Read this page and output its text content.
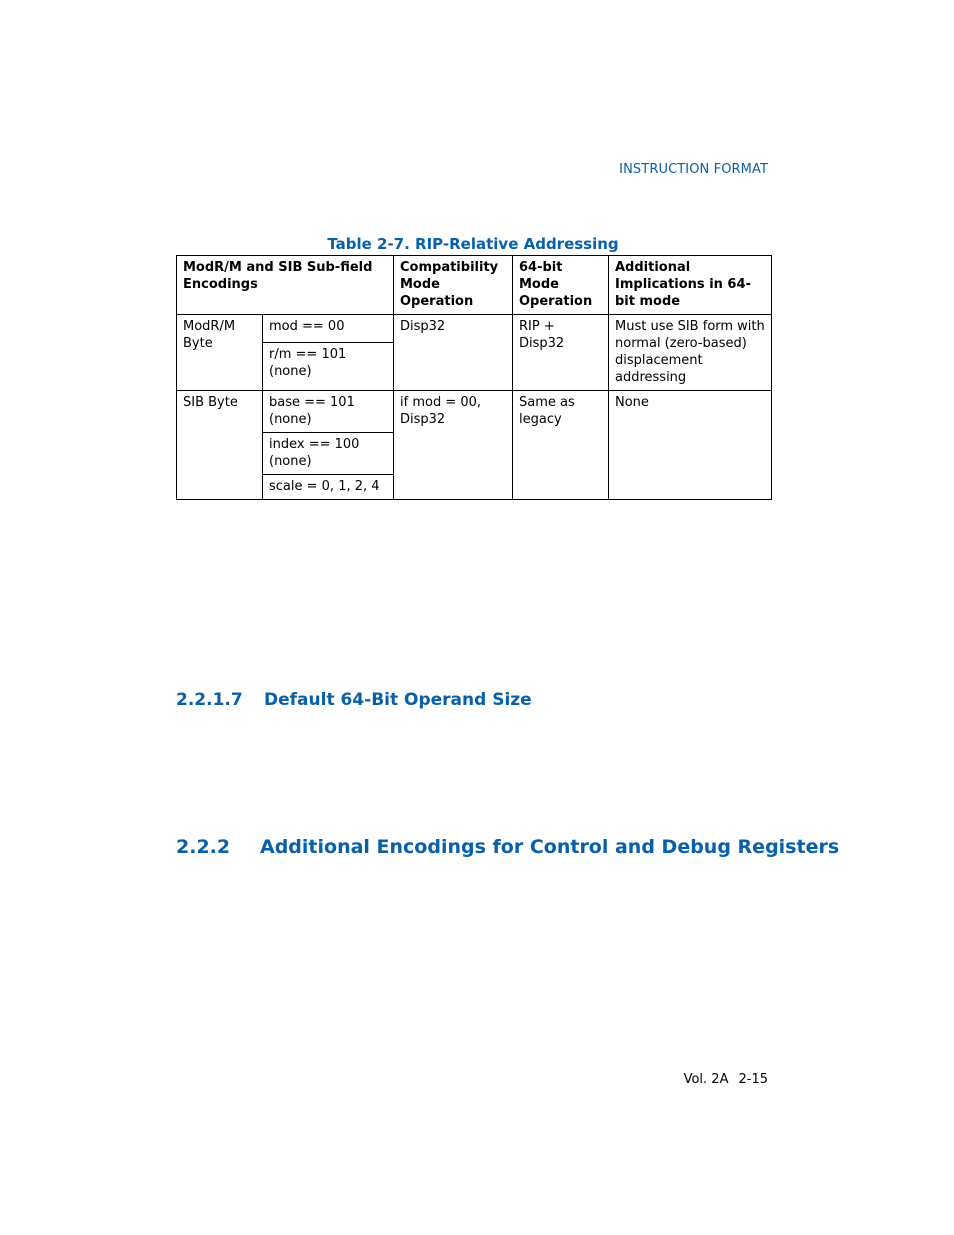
INSTRUCTION FORMAT
Table 2-7. RIP-Relative Addressing
ModR/M and SIB Sub-field Encodings		Compatibility Mode Operation	64-bit Mode Operation	Additional Implications in 64-bit mode
ModR/M Byte	mod == 00	Disp32	RIP + Disp32	Must use SIB form with normal (zero-based) displacement addressing
	r/m == 101 (none)			
SIB Byte	base == 101 (none)	if mod = 00, Disp32	Same as legacy	None
	index == 100 (none)			
	scale = 0, 1, 2, 4			
2.2.1.7 Default 64-Bit Operand Size
2.2.2 Additional Encodings for Control and Debug Registers
Vol. 2A 2-15
